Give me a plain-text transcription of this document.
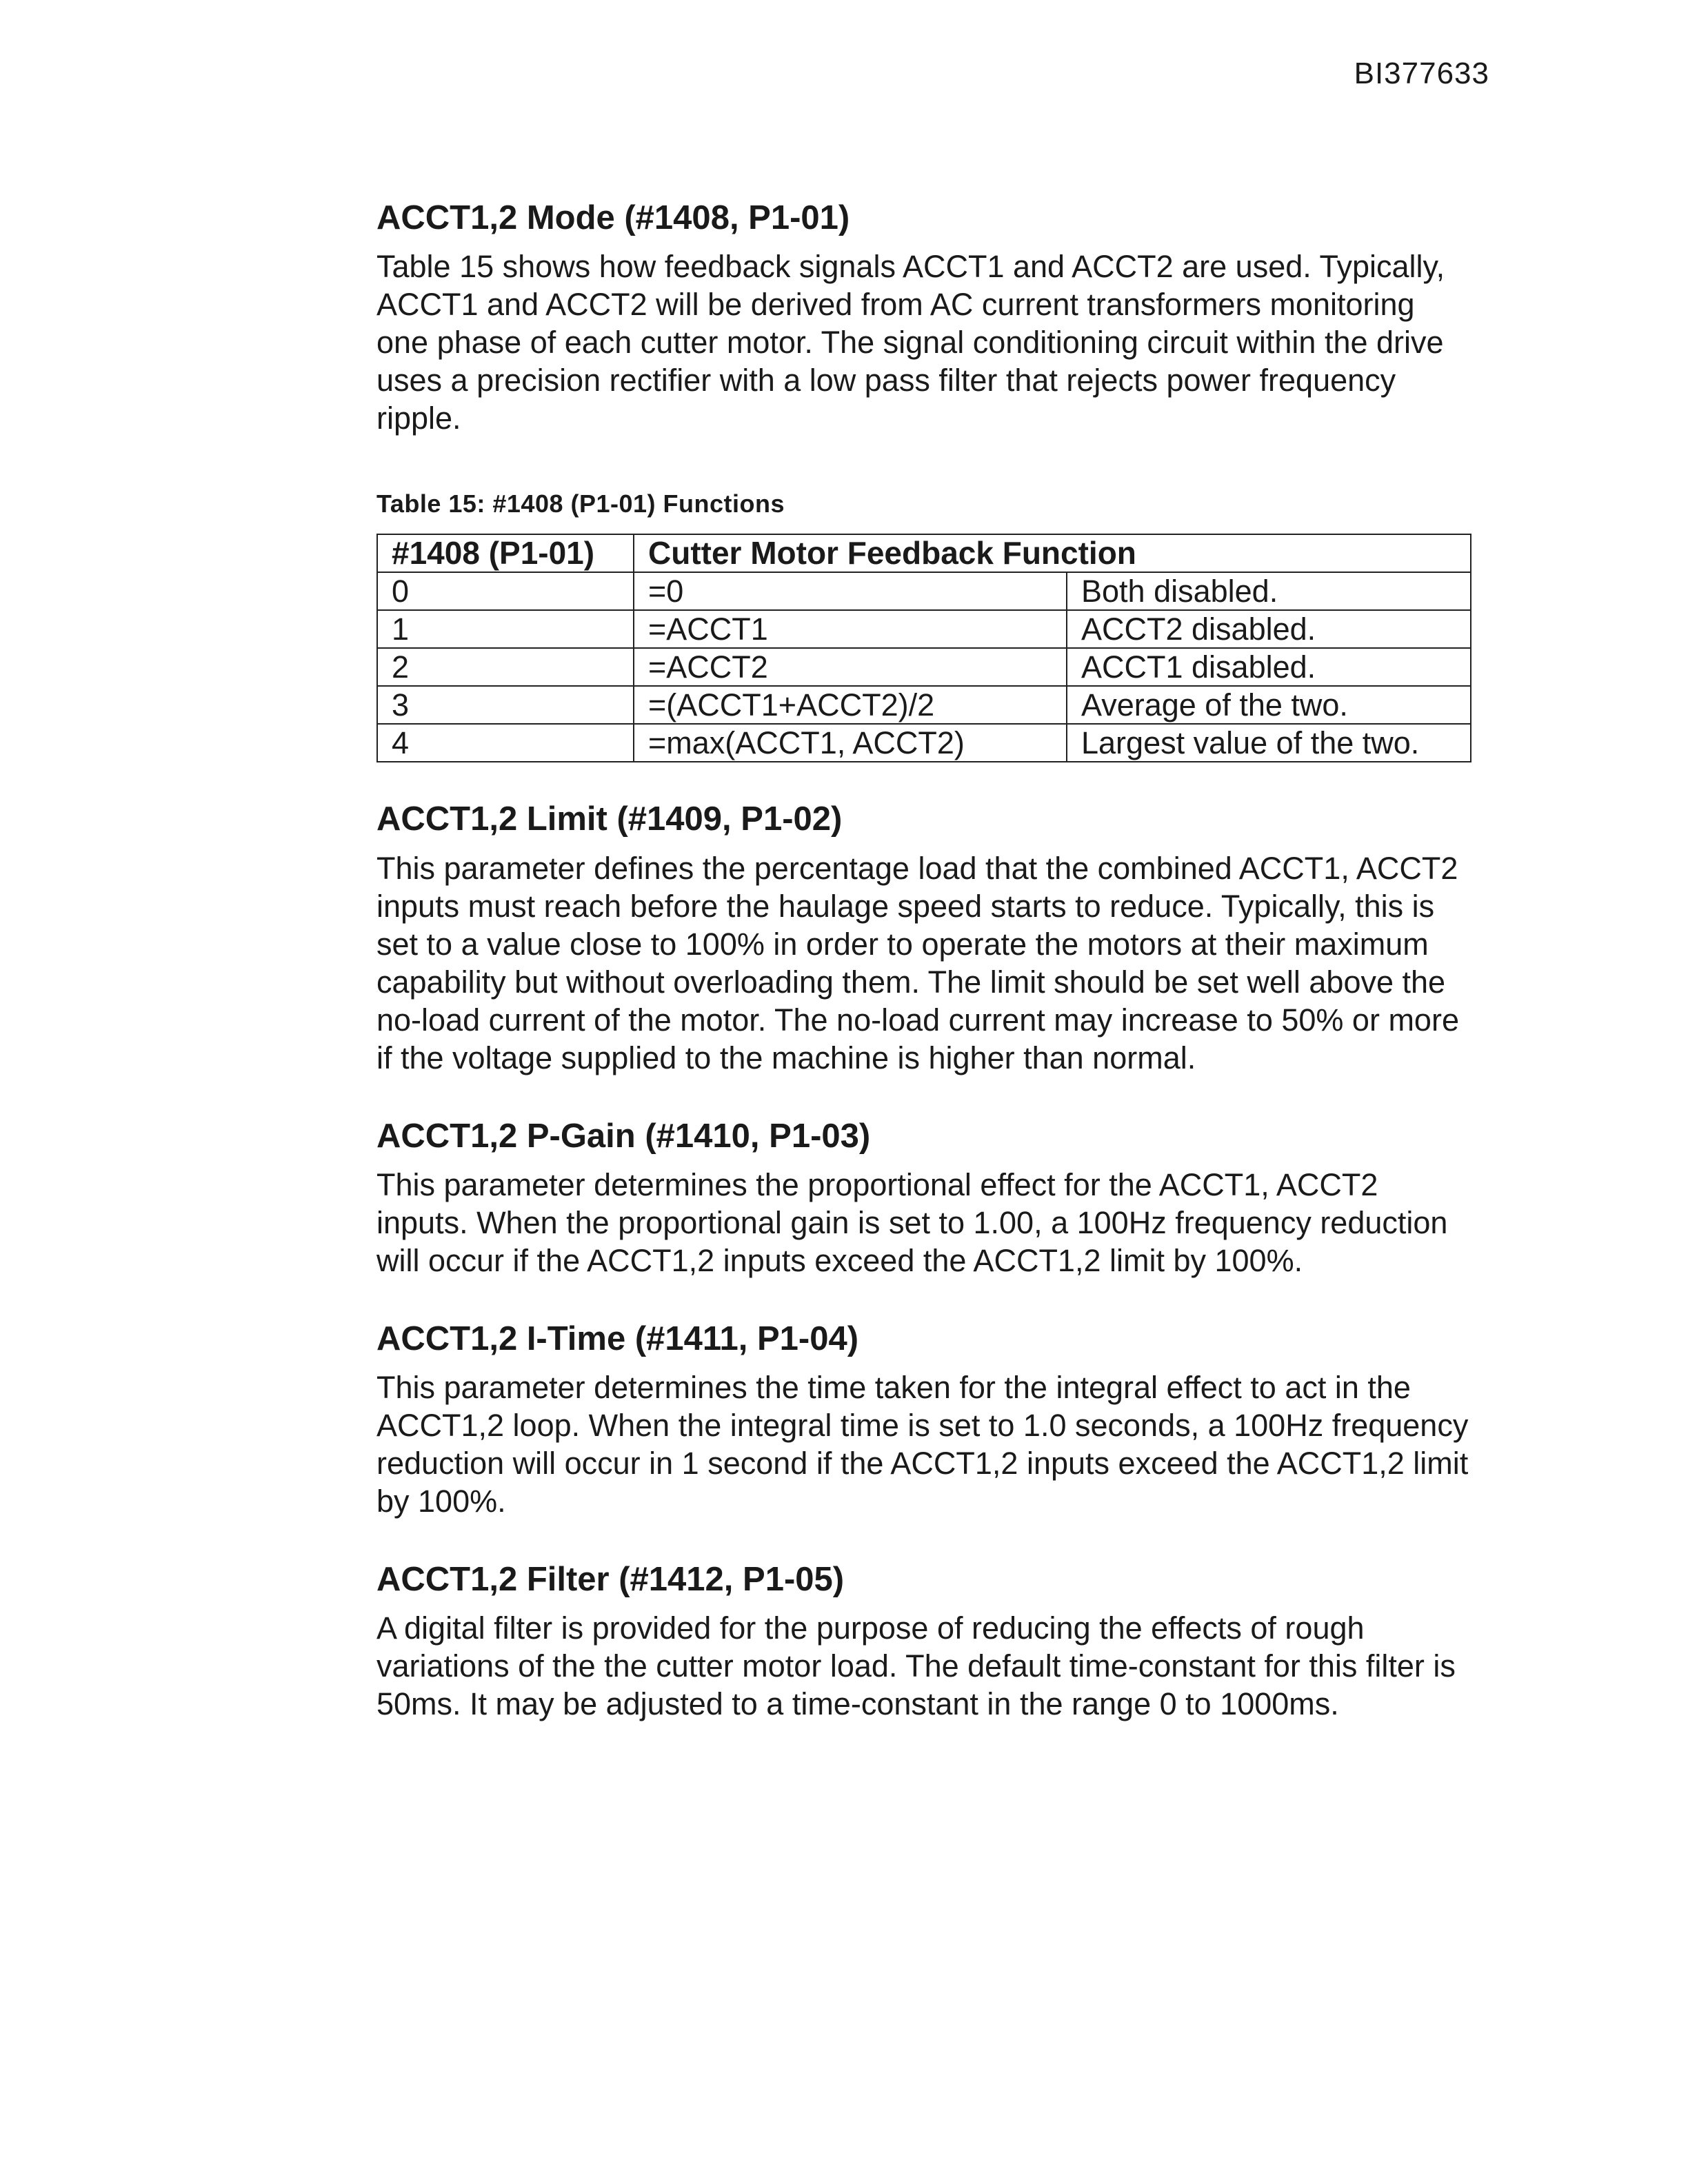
BI377633
ACCT1,2 Mode (#1408, P1-01)

Table 15 shows how feedback signals ACCT1 and ACCT2 are used. Typically, ACCT1 and ACCT2 will be derived from AC current transformers monitoring one phase of each cutter motor. The signal conditioning circuit within the drive uses a precision rectifier with a low pass filter that rejects power frequency ripple.

Table 15: #1408 (P1-01) Functions
#1408 (P1-01)	Cutter Motor Feedback Function	
0	=0	Both disabled.
1	=ACCT1	ACCT2 disabled.
2	=ACCT2	ACCT1 disabled.
3	=(ACCT1+ACCT2)/2	Average of the two.
4	=max(ACCT1, ACCT2)	Largest value of the two.
ACCT1,2 Limit (#1409, P1-02)

This parameter defines the percentage load that the combined ACCT1, ACCT2 inputs must reach before the haulage speed starts to reduce. Typically, this is set to a value close to 100% in order to operate the motors at their maximum capability but without overloading them. The limit should be set well above the no-load current of the motor. The no-load current may increase to 50% or more if the voltage supplied to the machine is higher than normal.

ACCT1,2 P-Gain (#1410, P1-03)

This parameter determines the proportional effect for the ACCT1, ACCT2 inputs. When the proportional gain is set to 1.00, a 100Hz frequency reduction will occur if the ACCT1,2 inputs exceed the ACCT1,2 limit by 100%.

ACCT1,2 I-Time (#1411, P1-04)

This parameter determines the time taken for the integral effect to act in the ACCT1,2 loop. When the integral time is set to 1.0 seconds, a 100Hz frequency reduction will occur in 1 second if the ACCT1,2 inputs exceed the ACCT1,2 limit by 100%.

ACCT1,2 Filter (#1412, P1-05)

A digital filter is provided for the purpose of reducing the effects of rough variations of the the cutter motor load. The default time-constant for this filter is 50ms. It may be adjusted to a time-constant in the range 0 to 1000ms.
